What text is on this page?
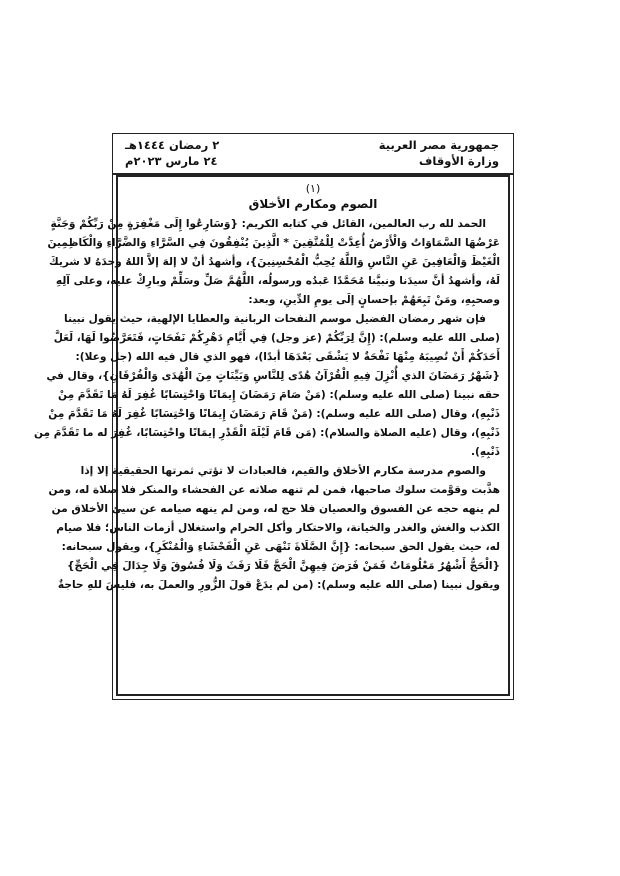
جمهورية مصر العربية
٢ رمضان ١٤٤٤هـ
وزارة الأوقاف
٢٤ مارس ٢٠٢٣م
(١)
الصوم ومكارم الأخلاق
الحمد لله رب العالمين، القائل في كتابه الكريم: {وَسَارِعُوا إِلَى مَغْفِرَةٍ مِنْ رَبِّكُمْ وَجَنَّةٍ
عَرْضُهَا السَّمَاوَاتُ وَالْأَرْضُ أُعِدَّتْ لِلْمُتَّقِينَ * الَّذِينَ يُنْفِقُونَ فِي السَّرَّاءِ وَالضَّرَّاءِ وَالْكَاظِمِينَ
الْغَيْظَ وَالْعَافِينَ عَنِ النَّاسِ وَاللَّهُ يُحِبُّ الْمُحْسِنِينَ}، وأشهدُ أنْ لا إلهَ إلاَّ اللهُ وحدَهُ لا شريكَ
لَهُ، وأشهدُ أنَّ سيدَنا ونبيَّنا مُحَمَّدًا عَبدُه ورسولُه، اللَّهُمَّ صَلِّ وسَلِّمْ وبارِكْ عليه، وعلى آلِهِ
وصحبِهِ، ومَنْ تَبِعَهُمْ بإحسانٍ إلَى يومِ الدِّينِ، وبعد:
فإن شهر رمضان الفضيل موسم النفحات الربانية والعطايا الإلهية، حيث يقول نبينا
(صلى الله عليه وسلم): (إِنَّ لِرَبِّكُمْ (عز وجل) فِي أَيَّامِ دَهْرِكُمْ نَفَحَاتٍ، فَتَعَرَّضُوا لَهَا، لَعَلَّ
أَحَدَكُمْ أَنْ تُصِيبَهُ مِنْهَا نَفْحَةٌ لا يَشْقَى بَعْدَهَا أبدًا)، فهو الذي قال فيه الله (جل وعلا):
{شَهْرُ رَمَضَانَ الذي أُنْزِلَ فِيهِ الْقُرْآنُ هُدًى لِلنَّاسِ وَبَيِّنَاتٍ مِنَ الْهُدَى وَالْفُرْقَانِ}، وقال في
حقه نبينا (صلى الله عليه وسلم): (مَنْ صَامَ رَمَضَانَ إِيمَانًا وَاحْتِسَابًا غُفِرَ لَهُ مَا تَقَدَّمَ مِنْ
ذَنْبِهِ)، وقال (صلى الله عليه وسلم): (مَنْ قَامَ رَمَضَانَ إِيمَانًا وَاحْتِسَابًا غُفِرَ لَهُ مَا تَقَدَّمَ مِنْ
ذَنْبِهِ)، وقال (عليه الصلاة والسلام): (مَن قَامَ لَيْلَةَ الْقَدْرِ إيمَانًا واحْتِسَابًا، غُفِرَ له ما تَقَدَّمَ مِن
ذَنْبِهِ).
والصوم مدرسة مكارم الأخلاق والقيم، فالعبادات لا تؤتي ثمرتها الحقيقية إلا إذا
هذَّبت وقوَّمت سلوك صاحبها، فمن لم تنهه صلاته عن الفحشاء والمنكر فلا صلاة له، ومن
لم ينهه حجه عن الفسوق والعصيان فلا حج له، ومن لم ينهه صيامه عن سيئ الأخلاق من
الكذب والغش والغدر والخيانة، والاحتكار وأكل الحرام واستغلال أزمات الناس؛ فلا صيام
له، حيث يقول الحق سبحانه: {إِنَّ الصَّلَاةَ تَنْهَى عَنِ الْفَحْشَاءِ وَالْمُنْكَرِ}، ويقول سبحانه:
{الْحَجُّ أَشْهُرٌ مَعْلُومَاتٌ فَمَنْ فَرَضَ فِيهِنَّ الْحَجَّ فَلَا رَفَثَ وَلَا فُسُوقَ وَلَا جِدَالَ فِي الْحَجِّ}
ويقول نبينا (صلى الله عليه وسلم): (من لم يدَعْ قولَ الزُّورِ والعملَ به، فليسَ للهِ حاجةٌ
